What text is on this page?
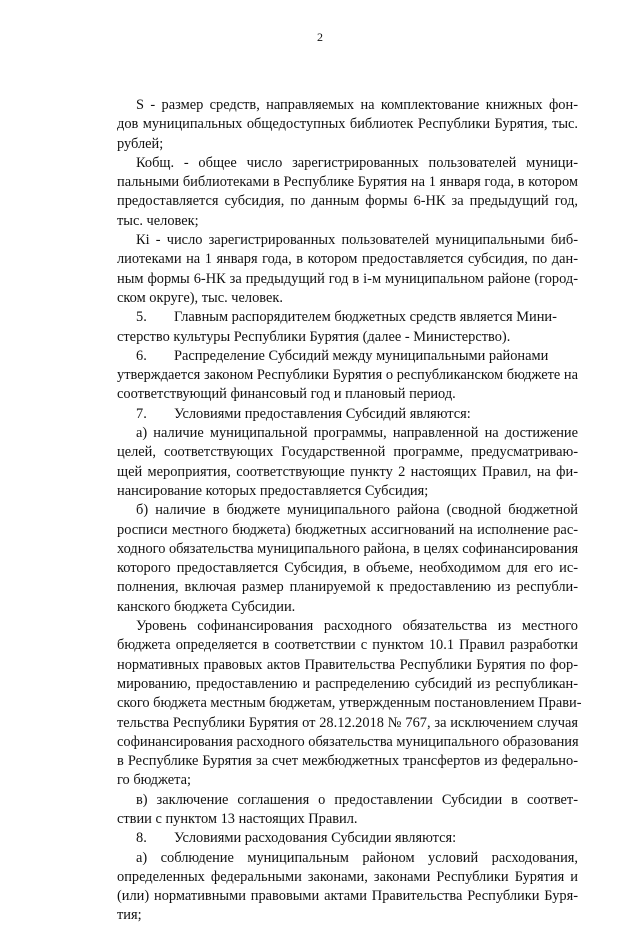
2
S - размер средств, направляемых на комплектование книжных фон-
дов муниципальных общедоступных библиотек Республики Бурятия, тыс.
рублей;
Кобщ. - общее число зарегистрированных пользователей муници-
пальными библиотеками в Республике Бурятия на 1 января года, в котором
предоставляется субсидия, по данным формы 6-НК за предыдущий год,
тыс. человек;
Кi - число зарегистрированных пользователей муниципальными биб-
лиотеками на 1 января года, в котором предоставляется субсидия, по дан-
ным формы 6-НК за предыдущий год в i-м муниципальном районе (город-
ском округе), тыс. человек.
5. Главным распорядителем бюджетных средств является Мини-
стерство культуры Республики Бурятия (далее - Министерство).
6. Распределение Субсидий между муниципальными районами
утверждается законом Республики Бурятия о республиканском бюджете на
соответствующий финансовый год и плановый период.
7. Условиями предоставления Субсидий являются:
а) наличие муниципальной программы, направленной на достижение
целей, соответствующих Государственной программе, предусматриваю-
щей мероприятия, соответствующие пункту 2 настоящих Правил, на фи-
нансирование которых предоставляется Субсидия;
б) наличие в бюджете муниципального района (сводной бюджетной
росписи местного бюджета) бюджетных ассигнований на исполнение рас-
ходного обязательства муниципального района, в целях софинансирования
которого предоставляется Субсидия, в объеме, необходимом для его ис-
полнения, включая размер планируемой к предоставлению из республи-
канского бюджета Субсидии.
Уровень софинансирования расходного обязательства из местного
бюджета определяется в соответствии с пунктом 10.1 Правил разработки
нормативных правовых актов Правительства Республики Бурятия по фор-
мированию, предоставлению и распределению субсидий из республикан-
ского бюджета местным бюджетам, утвержденным постановлением Прави-
тельства Республики Бурятия от 28.12.2018 № 767, за исключением случая
софинансирования расходного обязательства муниципального образования
в Республике Бурятия за счет межбюджетных трансфертов из федерально-
го бюджета;
в) заключение соглашения о предоставлении Субсидии в соответ-
ствии с пунктом 13 настоящих Правил.
8. Условиями расходования Субсидии являются:
а) соблюдение муниципальным районом условий расходования,
определенных федеральными законами, законами Республики Бурятия и
(или) нормативными правовыми актами Правительства Республики Буря-
тия;
